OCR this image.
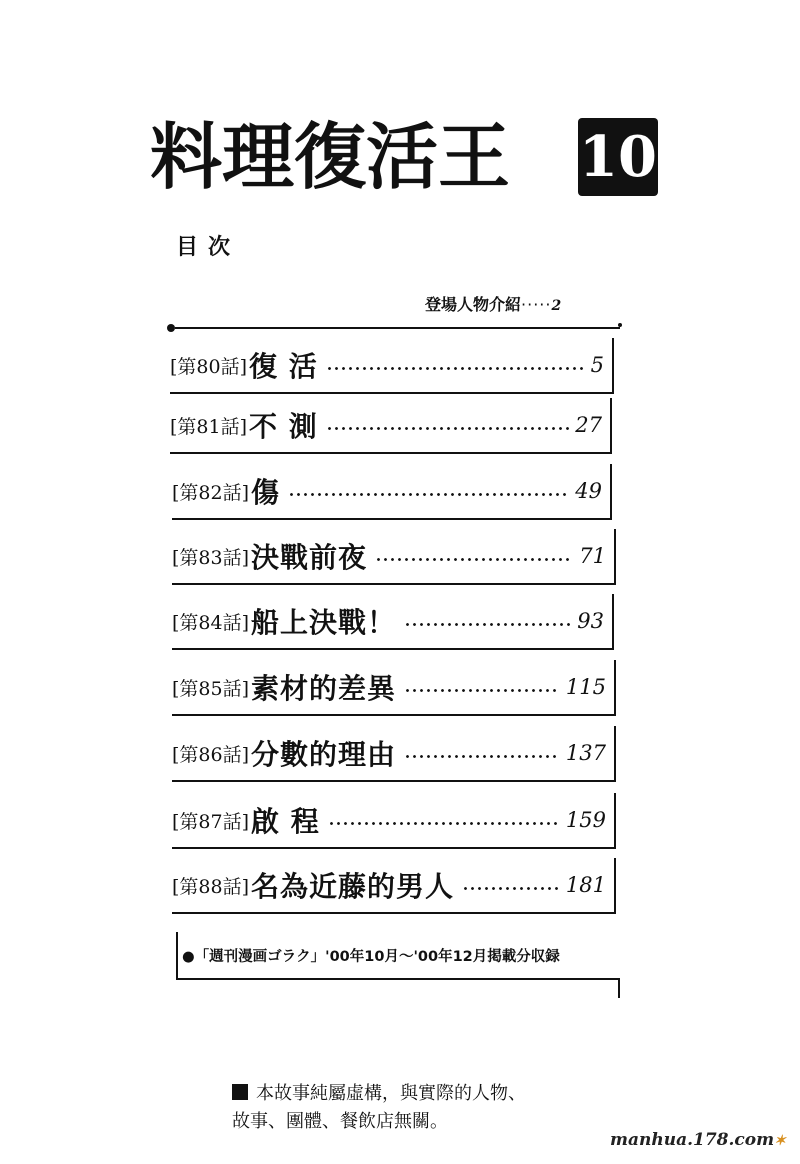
料理復活王	10
目次
登場人物介紹·····2
[第80話] 復 活	5
[第81話] 不 測	27
[第82話] 傷	49
[第83話] 決戰前夜	71
[第84話] 船上決戰！	93
[第85話] 素材的差異	115
[第86話] 分數的理由	137
[第87話] 啟 程	159
[第88話] 名為近藤的男人	181
●「週刊漫画ゴラク」'00年10月～'00年12月掲載分収録
本故事純屬虛構，與實際的人物、
故事、團體、餐飲店無關。
manhua.178.com✶
